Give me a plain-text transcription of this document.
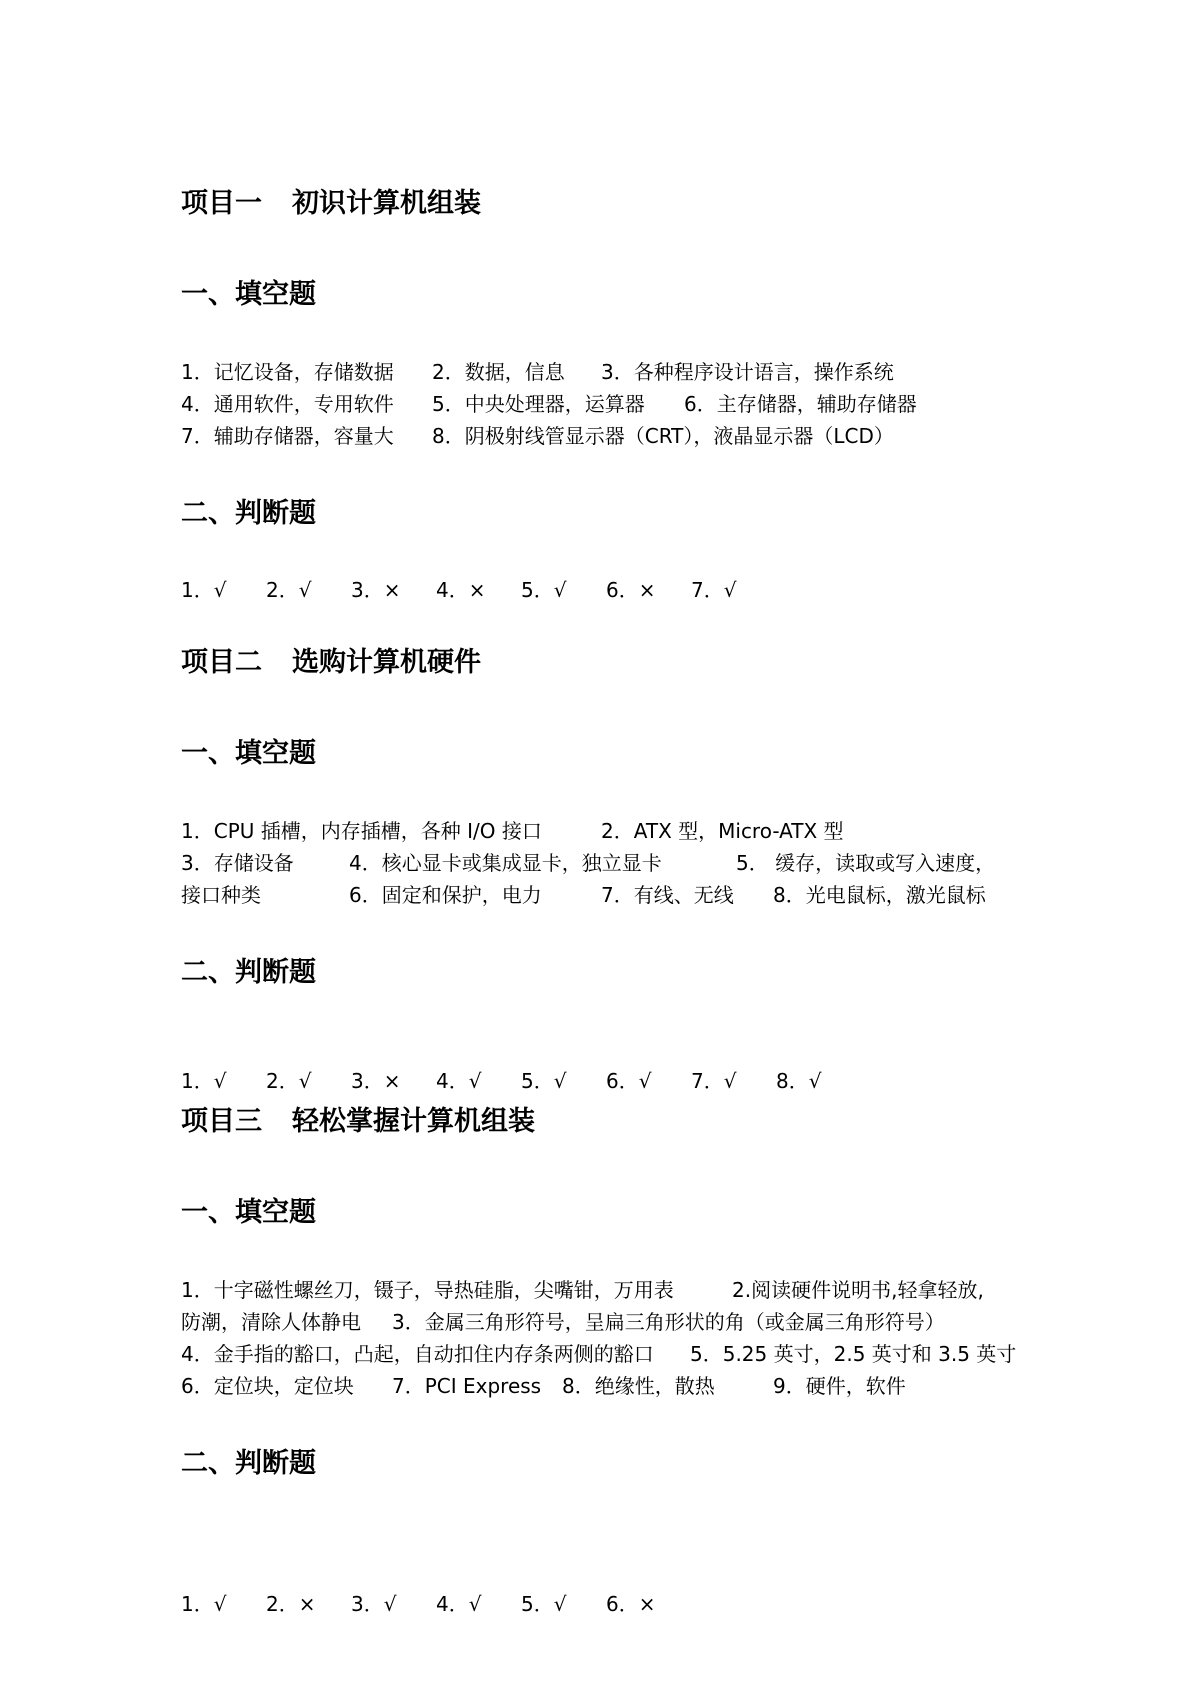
项目一 初识计算机组装
一、填空题
1．记忆设备，存储数据 2．数据，信息 3．各种程序设计语言，操作系统
4．通用软件，专用软件 5．中央处理器，运算器 6．主存储器，辅助存储器
7．辅助存储器，容量大 8．阴极射线管显示器（CRT），液晶显示器（LCD）
二、判断题
1．√ 2．√ 3．× 4．× 5．√ 6．× 7．√
项目二 选购计算机硬件
一、填空题
1．CPU 插槽，内存插槽，各种 I/O 接口	2．ATX 型，Micro-ATX 型
3．存储设备	4．核心显卡或集成显卡，独立显卡	5． 缓存，读取或写入速度，
接口种类	6．固定和保护，电力	7．有线、无线 8．光电鼠标，激光鼠标
二、判断题
1．√ 2．√ 3．× 4．√ 5．√ 6．√ 7．√ 8．√
项目三 轻松掌握计算机组装
一、填空题
1．十字磁性螺丝刀，镊子，导热硅脂，尖嘴钳，万用表	2.阅读硬件说明书,轻拿轻放,
防潮，清除人体静电 3．金属三角形符号，呈扁三角形状的角（或金属三角形符号）
4．金手指的豁口，凸起，自动扣住内存条两侧的豁口 5．5.25 英寸，2.5 英寸和 3.5 英寸
6．定位块，定位块 7．PCI Express 8．绝缘性，散热	9．硬件，软件
二、判断题
1．√ 2．× 3．√ 4．√ 5．√ 6．×
